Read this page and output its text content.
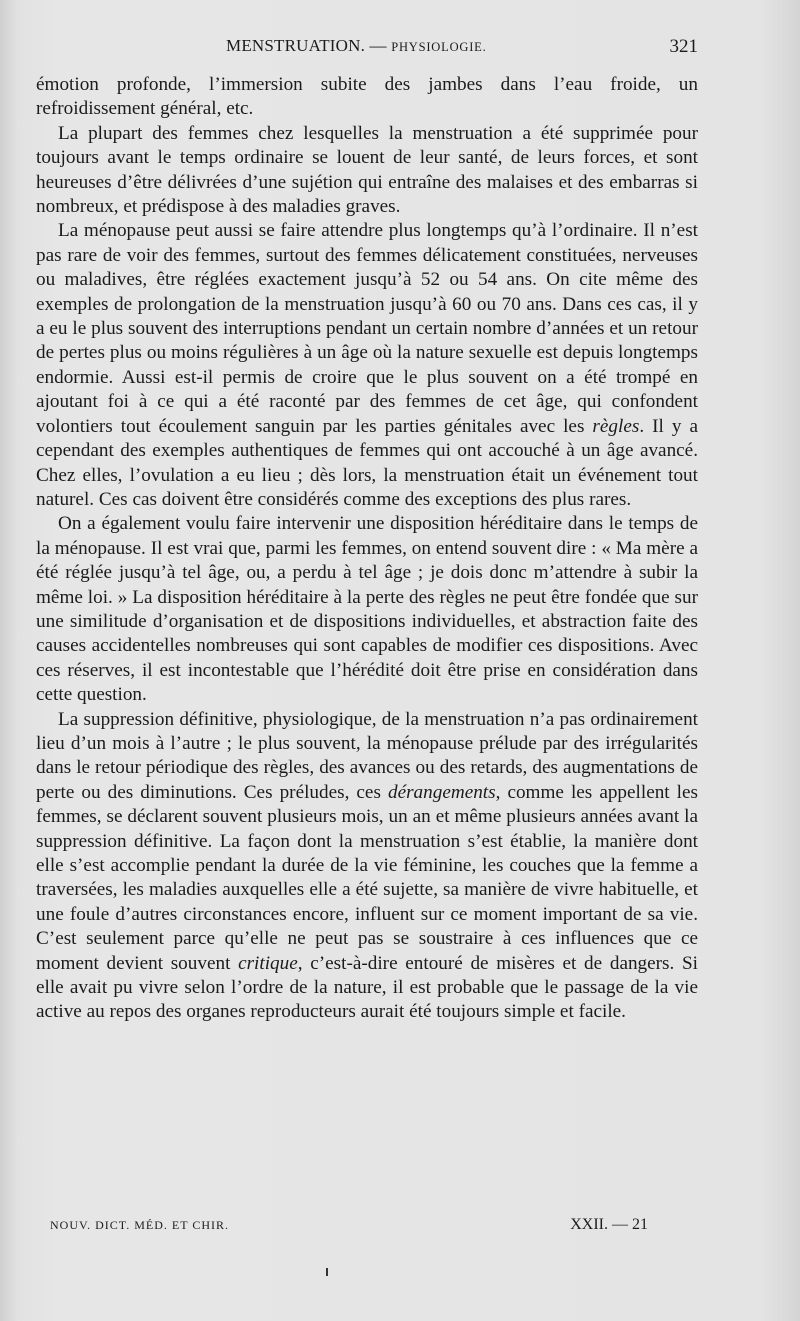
MENSTRUATION. — PHYSIOLOGIE.	321

émotion profonde, l’immersion subite des jambes dans l’eau froide, un refroidissement général, etc.

La plupart des femmes chez lesquelles la menstruation a été supprimée pour toujours avant le temps ordinaire se louent de leur santé, de leurs forces, et sont heureuses d’être délivrées d’une sujétion qui entraîne des malaises et des embarras si nombreux, et prédispose à des maladies graves.

La ménopause peut aussi se faire attendre plus longtemps qu’à l’ordinaire. Il n’est pas rare de voir des femmes, surtout des femmes délicatement constituées, nerveuses ou maladives, être réglées exactement jusqu’à 52 ou 54 ans. On cite même des exemples de prolongation de la menstruation jusqu’à 60 ou 70 ans. Dans ces cas, il y a eu le plus souvent des interruptions pendant un certain nombre d’années et un retour de pertes plus ou moins régulières à un âge où la nature sexuelle est depuis longtemps endormie. Aussi est-il permis de croire que le plus souvent on a été trompé en ajoutant foi à ce qui a été raconté par des femmes de cet âge, qui confondent volontiers tout écoulement sanguin par les parties génitales avec les règles. Il y a cependant des exemples authentiques de femmes qui ont accouché à un âge avancé. Chez elles, l’ovulation a eu lieu ; dès lors, la menstruation était un événement tout naturel. Ces cas doivent être considérés comme des exceptions des plus rares.

On a également voulu faire intervenir une disposition héréditaire dans le temps de la ménopause. Il est vrai que, parmi les femmes, on entend souvent dire : « Ma mère a été réglée jusqu’à tel âge, ou, a perdu à tel âge ; je dois donc m’attendre à subir la même loi. » La disposition héréditaire à la perte des règles ne peut être fondée que sur une similitude d’organisation et de dispositions individuelles, et abstraction faite des causes accidentelles nombreuses qui sont capables de modifier ces dispositions. Avec ces réserves, il est incontestable que l’hérédité doit être prise en considération dans cette question.

La suppression définitive, physiologique, de la menstruation n’a pas ordinairement lieu d’un mois à l’autre ; le plus souvent, la ménopause prélude par des irrégularités dans le retour périodique des règles, des avances ou des retards, des augmentations de perte ou des diminutions. Ces préludes, ces dérangements, comme les appellent les femmes, se déclarent souvent plusieurs mois, un an et même plusieurs années avant la suppression définitive. La façon dont la menstruation s’est établie, la manière dont elle s’est accomplie pendant la durée de la vie féminine, les couches que la femme a traversées, les maladies auxquelles elle a été sujette, sa manière de vivre habituelle, et une foule d’autres circonstances encore, influent sur ce moment important de sa vie. C’est seulement parce qu’elle ne peut pas se soustraire à ces influences que ce moment devient souvent critique, c’est-à-dire entouré de misères et de dangers. Si elle avait pu vivre selon l’ordre de la nature, il est probable que le passage de la vie active au repos des organes reproducteurs aurait été toujours simple et facile.

NOUV. DICT. MÉD. ET CHIR.	XXII. — 21
